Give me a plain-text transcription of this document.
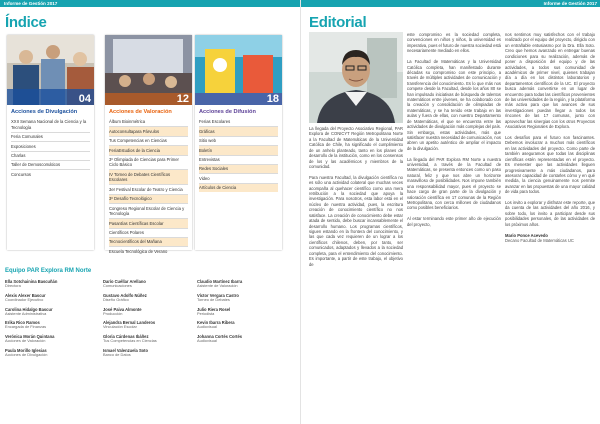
Informe de Gestión 2017
Índice
04
Acciones de Divulgación
XXII Semana Nacional de la Ciencia y la Tecnología
Feria Comunales
Exposiciones
Charlas
Taller de Demoscomáticos
Concursos
12
Acciones de Valoración
Álbum Bioinmétrica
Autoconsultapara Párvulos
Tus Competencias en Ciencias
FeriaEstudios de la Ciencia
3º Olimpiada de Ciencias para Primer Ciclo Básico
IV Torneo de Debates Científicos Escolares
3er Festival Escolar de Teatro y Ciencia
3º Desafío Tecnológico
Congreso Regional Escolar de Ciencia y Tecnología
Pasantías Científicas Escolar
Científicos Polares
Tecnocientíficos del Mañana
Escuela Tecnológica de Verano
18
Acciones de Difusión
Ferias Escolares
Gráficas
Sitio web
Boletín
Entrevistas
Redes Sociales
Video
Artículos de Ciencia
Equipo PAR Explora RM Norte
Ella Sotchainina Bascuñán
Directora
Alexis Alexer Bascur
Coordinador Ejecutivo
Carolina Hidalgo Bascur
Asistente Administrativa
Erika Rico Ramos
Encargada de Finanzas
Verónica Morán Quintana
Acciones de Valoración
Paula Morillo Iglesias
Acciones de Divulgación
Darío Cuéllar Arellano
Comunicaciones
Gustavo Adolfo Núñez
Diseño Gráfico
José Paiva Almonte
Producción
Alejandra Bernal Landeros
Vinculación Escolar
Gloria Cárdenas Ibáñez
Tus Competencias en Ciencias
Ismael Valenzuela Soto
Banco de Datos
Claudio Martínez Ibarra
Asistente de Valoración
Víctor Vergara Castro
Torneo de Debates
Julio Riera Rosel
Periodista
Kevin Ibarra Ribera
Audiovisual
Johanna Cortés Cortés
Audiovisual
Informe de Gestión 2017
Editorial

La llegada del Proyecto Asociativo Regional, PAR Explora de CONICYT Región Metropolitana Norte a la Facultad de Matemáticas de la Universidad Católica de Chile, ha significado el cumplimiento de un anhelo planteado, tanto en los planes de desarrollo de la institución, como en los consensos de los y las académicos y miembros de la comunidad.

Para nuestra Facultad, la divulgación científica no es sólo una actividad colateral que muchas veces acompaña al quehacer científico como una mera retribución a la sociedad que apoya la investigación. Para nosotros, esta labor está en el núcleo de nuestra actividad, pues, la escritura creación de conocimiento científico no nos satisface. La creación de conocimiento debe estar atada de sentido, debe buscar incansablemente el desarrollo humano. Los programas científicos, siguen estando en la frontera del conocimiento, y las que cada vez requieren de un lograr a los científicos chilenos, deben, por tanto, ser comunicados, adaptados y llevados a la sociedad completa, para el entendimiento del conocimiento. Es importante, a partir de este trabajo, el objetivo de

este compromiso es la sociedad completa, convenciones en niños y niños, la universidad es imperativa, pues el futuro de nuestra sociedad está necesariamente mediado en ellos.

La Facultad de Matemáticas y la Universidad Católica completa, han manifestado durante décadas su compromiso con este principio, a través de múltiples actividades de comunicación y transferencia del conocimiento. Es lo que más nos compete desde la Facultad, desde los años 80 se han impulsado iniciativas de búsqueda de talentos matemáticos entre jóvenes, se ha colaborado con la creación y consolidación de olimpiadas de matemáticas, y se ha tenido este trabajo en las aulas y fuera de ellas, con nuestro Departamento de Matemáticas, el que se encuentra entre las actividades de divulgación más complejas del país. Sin embargo, estas actividades, más que satisfacer nuestra necesidad de comunicación, nos abren un apetito auténtico de ampliar el impacto de la divulgación.

La llegada del PAR Explora RM Norte a nuestra universidad, a través de la Facultad de Matemáticas, se presenta entonces como un paso natural, feliz y que nos abre un horizonte maravilloso de posibilidades. Nos impone también una responsabilidad mayor, pues el proyecto se hace cargo de gran parte de la divulgación y valoración científica en 17 comunas de la Región Metropolitana, con cerca millones de ciudadanos como posibles beneficiarios.

Al estar terminando este primer año de ejecución del proyecto,

nos sentimos muy satisfechos con el trabajo realizado por el equipo del proyecto, dirigido con un entrañable entusiasmo por la Dra. Ella Soto. Creo que hemos avanzado en entregar buenas condiciones para su realización, además de poner a disposición del equipo y de las actividades, a todos sus comunidad de académicos de primer nivel, quienes trabajan día a día en los distintos laboratorios y departamentos científicos de la UC. El proyecto busca además convertirse en un lugar de encuentro para todas las científicos provenientes de las universidades de la región, y la plataforma más activa para que los avances de sus investigaciones puedan llegar a todos los rincones de las 17 comunas, junto con aprovechar las sinergias con los otros Proyectos Asociativos Regionales de Explora.

Los desafíos para el futuro son fascinantes. Debemos involucrar a muchos más científicos en las actividades del proyecto. Como parte de también aseguramos que todas las disciplinas científicas estén representadas en el proyecto. Es menester que las actividades lleguen progresivamente a más ciudadanos, para asesorar capacidad de contarles cómo y en qué medida, la ciencia genuinamente nos permite avanzar en las propuestas de una mayor calidad de vida para todos.

Los invito a explorar y disfrutar este reporte, que da cuenta de las actividades del año 2016, y sobre todo, los invito a participar desde sus posibilidades personales, de las actividades de los próximos años.

Mario Ponce Acevedo
Decano Facultad de Matemáticas UC
